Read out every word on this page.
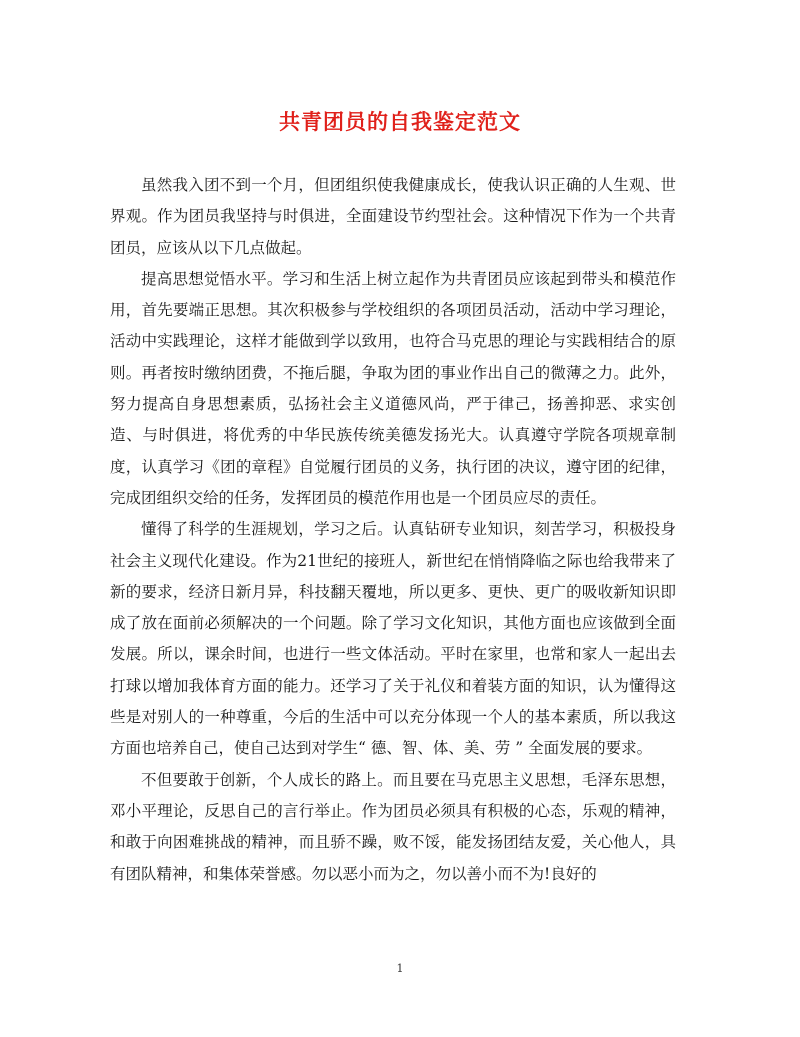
共青团员的自我鉴定范文

虽然我入团不到一个月，但团组织使我健康成长，使我认识正确的人生观、世界观。作为团员我坚持与时俱进，全面建设节约型社会。这种情况下作为一个共青团员，应该从以下几点做起。

提高思想觉悟水平。学习和生活上树立起作为共青团员应该起到带头和模范作用，首先要端正思想。其次积极参与学校组织的各项团员活动，活动中学习理论，活动中实践理论，这样才能做到学以致用，也符合马克思的理论与实践相结合的原则。再者按时缴纳团费，不拖后腿，争取为团的事业作出自己的微薄之力。此外，努力提高自身思想素质，弘扬社会主义道德风尚，严于律己，扬善抑恶、求实创造、与时俱进，将优秀的中华民族传统美德发扬光大。认真遵守学院各项规章制度，认真学习《团的章程》自觉履行团员的义务，执行团的决议，遵守团的纪律，完成团组织交给的任务，发挥团员的模范作用也是一个团员应尽的责任。

懂得了科学的生涯规划，学习之后。认真钻研专业知识，刻苦学习，积极投身社会主义现代化建设。作为21世纪的接班人，新世纪在悄悄降临之际也给我带来了新的要求，经济日新月异，科技翻天覆地，所以更多、更快、更广的吸收新知识即成了放在面前必须解决的一个问题。除了学习文化知识，其他方面也应该做到全面发展。所以，课余时间，也进行一些文体活动。平时在家里，也常和家人一起出去打球以增加我体育方面的能力。还学习了关于礼仪和着装方面的知识，认为懂得这些是对别人的一种尊重，今后的生活中可以充分体现一个人的基本素质，所以我这方面也培养自己，使自己达到对学生“ 德、智、体、美、劳 ” 全面发展的要求。

不但要敢于创新，个人成长的路上。而且要在马克思主义思想，毛泽东思想，邓小平理论，反思自己的言行举止。作为团员必须具有积极的心态，乐观的精神，和敢于向困难挑战的精神，而且骄不躁，败不馁，能发扬团结友爱，关心他人，具有团队精神，和集体荣誉感。勿以恶小而为之，勿以善小而不为!良好的

1
